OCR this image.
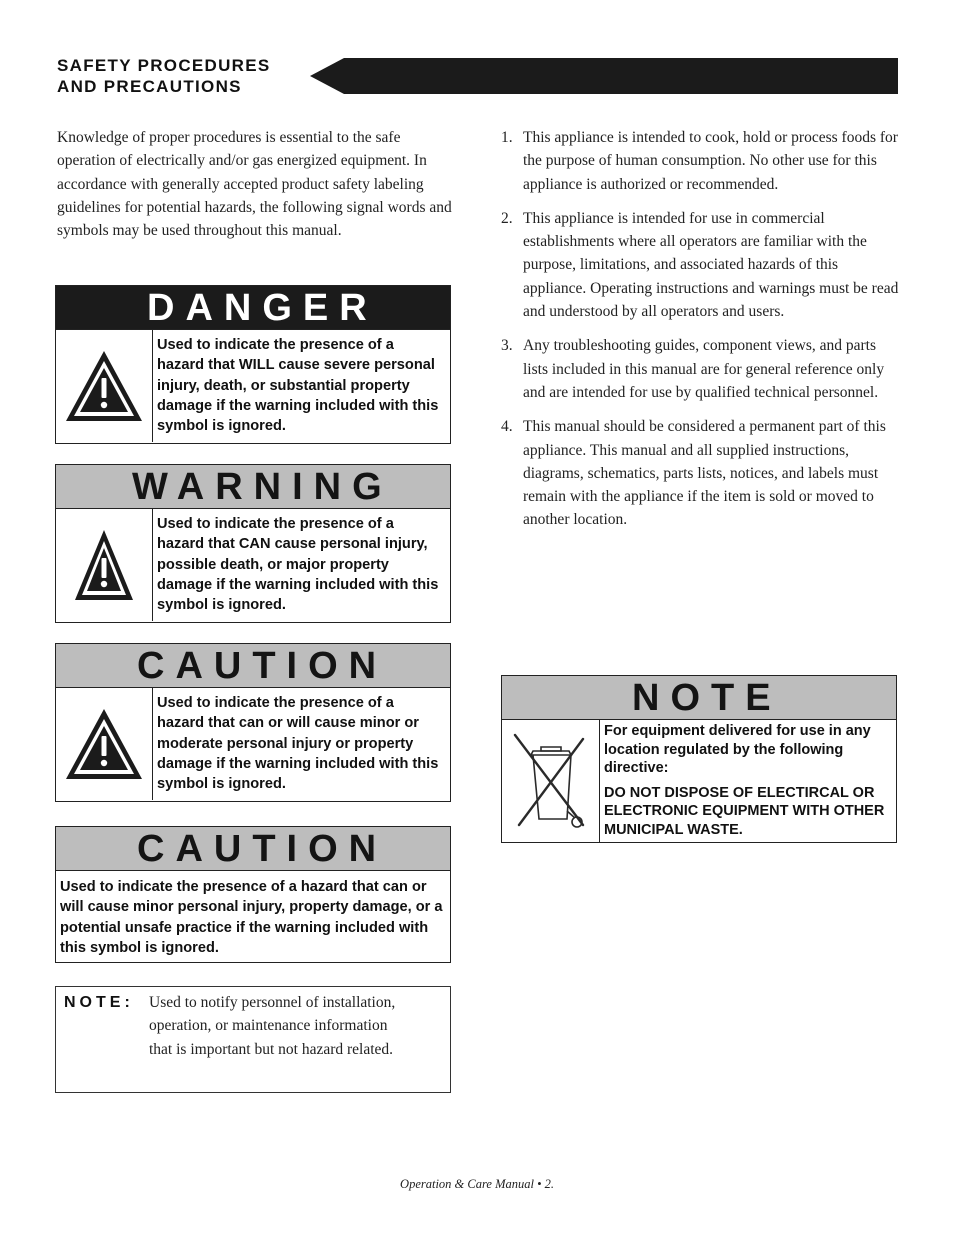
SAFETY PROCEDURES
AND PRECAUTIONS
Knowledge of proper procedures is essential to the safe operation of electrically and/or gas energized equipment. In accordance with generally accepted product safety labeling guidelines for potential hazards, the following signal words and symbols may be used throughout this manual.
DANGER
Used to indicate the presence of a hazard that WILL cause severe personal injury, death, or substantial property damage if the warning included with this symbol is ignored.
WARNING
Used to indicate the presence of a hazard that CAN cause personal injury, possible death, or major property damage if the warning included with this symbol is ignored.
CAUTION
Used to indicate the presence of a hazard that can or will cause minor or moderate personal injury or property damage if the warning included with this symbol is ignored.
CAUTION
Used to indicate the presence of a hazard that can or will cause minor personal injury, property damage, or a potential unsafe practice if the warning included with this symbol is ignored.
NOTE: Used to notify personnel of installation, operation, or maintenance information that is important but not hazard related.
1. This appliance is intended to cook, hold or process foods for the purpose of human consumption. No other use for this appliance is authorized or recommended.
2. This appliance is intended for use in commercial establishments where all operators are familiar with the purpose, limitations, and associated hazards of this appliance. Operating instructions and warnings must be read and understood by all operators and users.
3. Any troubleshooting guides, component views, and parts lists included in this manual are for general reference only and are intended for use by qualified technical personnel.
4. This manual should be considered a permanent part of this appliance. This manual and all supplied instructions, diagrams, schematics, parts lists, notices, and labels must remain with the appliance if the item is sold or moved to another location.
NOTE
For equipment delivered for use in any location regulated by the following directive:
DO NOT DISPOSE OF ELECTIRCAL OR ELECTRONIC EQUIPMENT WITH OTHER MUNICIPAL WASTE.
Operation & Care Manual • 2.
